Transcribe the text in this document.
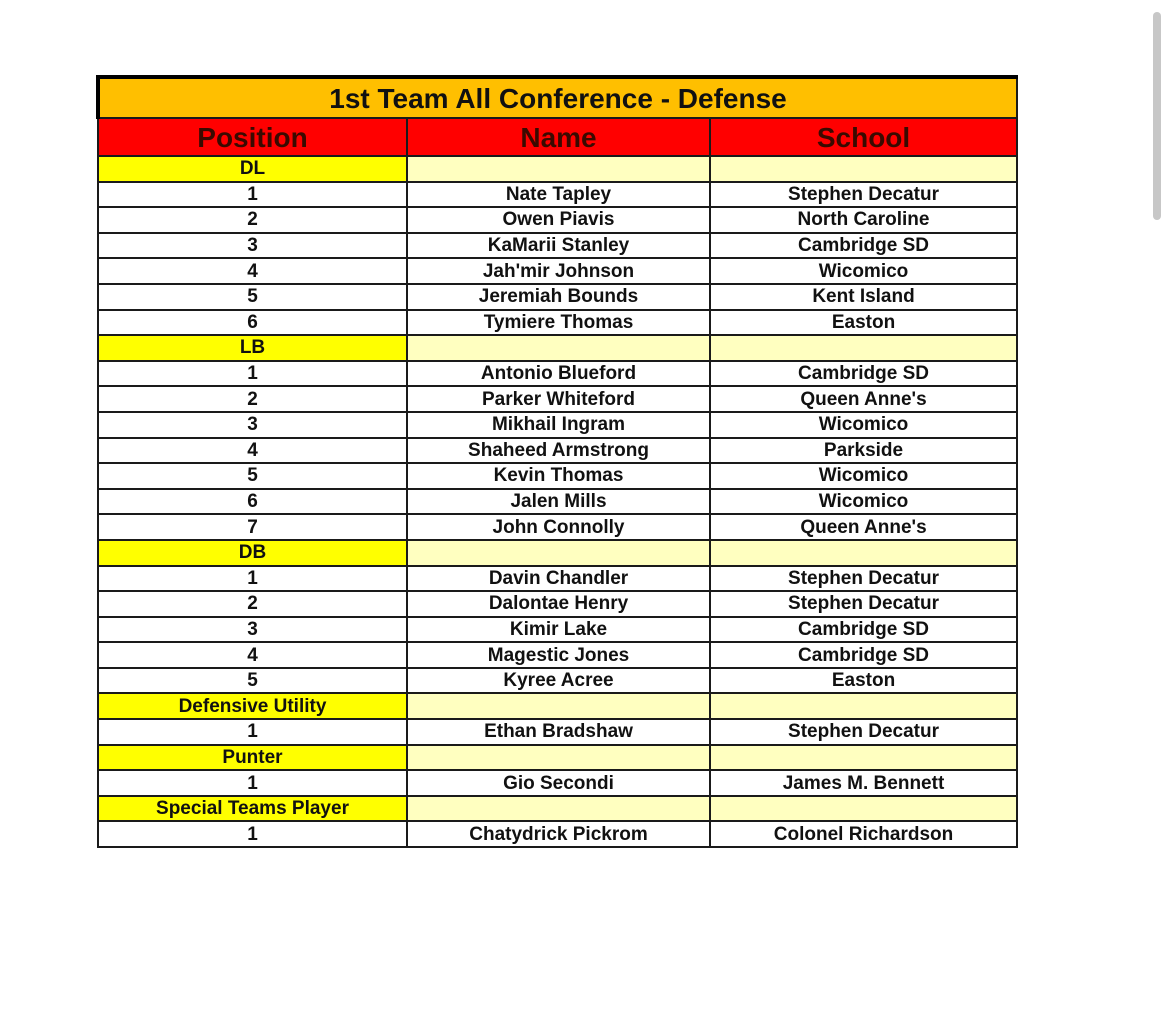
1st Team All Conference - Defense		
Position	Name	School
DL		
1	Nate Tapley	Stephen Decatur
2	Owen Piavis	North Caroline
3	KaMarii Stanley	Cambridge SD
4	Jah'mir Johnson	Wicomico
5	Jeremiah Bounds	Kent Island
6	Tymiere Thomas	Easton
LB		
1	Antonio Blueford	Cambridge SD
2	Parker Whiteford	Queen Anne's
3	Mikhail Ingram	Wicomico
4	Shaheed Armstrong	Parkside
5	Kevin Thomas	Wicomico
6	Jalen Mills	Wicomico
7	John Connolly	Queen Anne's
DB		
1	Davin Chandler	Stephen Decatur
2	Dalontae Henry	Stephen Decatur
3	Kimir Lake	Cambridge SD
4	Magestic Jones	Cambridge SD
5	Kyree Acree	Easton
Defensive Utility		
1	Ethan Bradshaw	Stephen Decatur
Punter		
1	Gio Secondi	James M. Bennett
Special Teams Player		
1	Chatydrick Pickrom	Colonel Richardson
